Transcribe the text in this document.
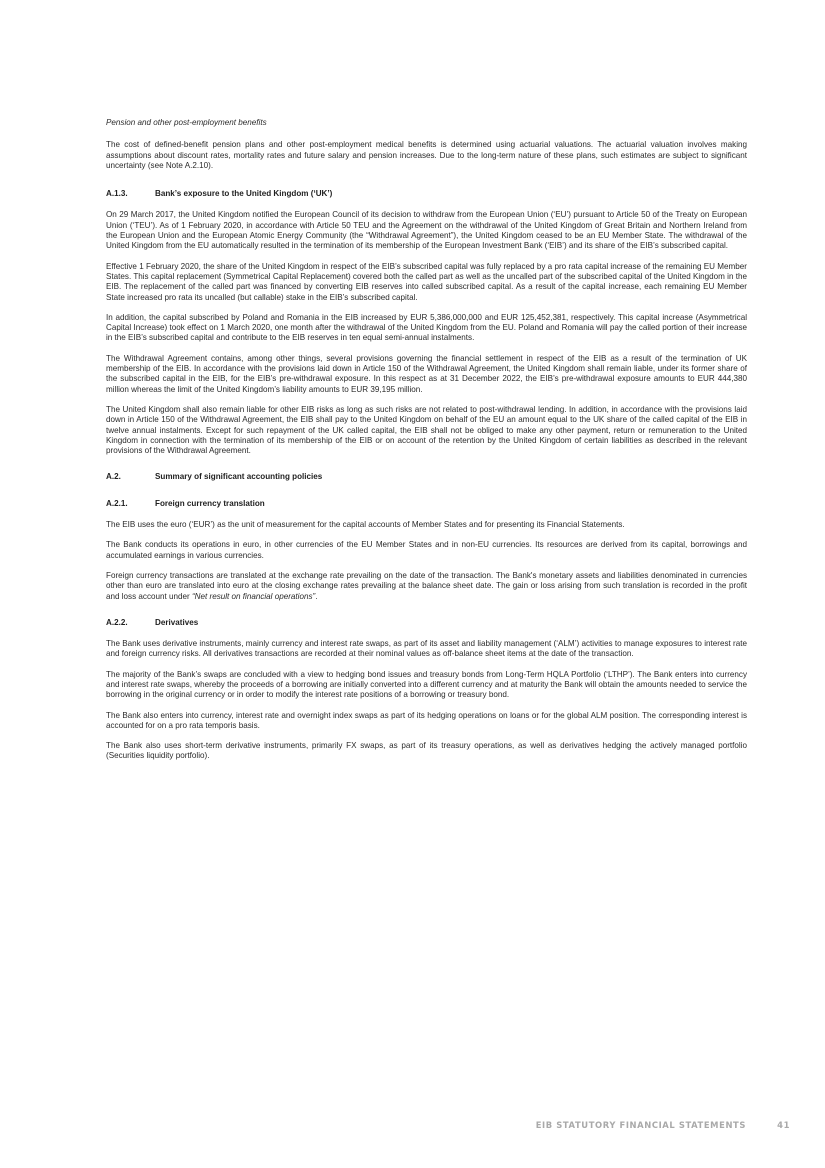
Pension and other post-employment benefits

The cost of defined-benefit pension plans and other post-employment medical benefits is determined using actuarial valuations. The actuarial valuation involves making assumptions about discount rates, mortality rates and future salary and pension increases. Due to the long-term nature of these plans, such estimates are subject to significant uncertainty (see Note A.2.10).

A.1.3.	Bank’s exposure to the United Kingdom (‘UK’)

On 29 March 2017, the United Kingdom notified the European Council of its decision to withdraw from the European Union (‘EU’) pursuant to Article 50 of the Treaty on European Union (‘TEU’). As of 1 February 2020, in accordance with Article 50 TEU and the Agreement on the withdrawal of the United Kingdom of Great Britain and Northern Ireland from the European Union and the European Atomic Energy Community (the “Withdrawal Agreement”), the United Kingdom ceased to be an EU Member State. The withdrawal of the United Kingdom from the EU automatically resulted in the termination of its membership of the European Investment Bank (‘EIB’) and its share of the EIB’s subscribed capital.

Effective 1 February 2020, the share of the United Kingdom in respect of the EIB’s subscribed capital was fully replaced by a pro rata capital increase of the remaining EU Member States. This capital replacement (Symmetrical Capital Replacement) covered both the called part as well as the uncalled part of the subscribed capital of the United Kingdom in the EIB. The replacement of the called part was financed by converting EIB reserves into called subscribed capital. As a result of the capital increase, each remaining EU Member State increased pro rata its uncalled (but callable) stake in the EIB’s subscribed capital.

In addition, the capital subscribed by Poland and Romania in the EIB increased by EUR 5,386,000,000 and EUR 125,452,381, respectively. This capital increase (Asymmetrical Capital Increase) took effect on 1 March 2020, one month after the withdrawal of the United Kingdom from the EU. Poland and Romania will pay the called portion of their increase in the EIB’s subscribed capital and contribute to the EIB reserves in ten equal semi-annual instalments.

The Withdrawal Agreement contains, among other things, several provisions governing the financial settlement in respect of the EIB as a result of the termination of UK membership of the EIB. In accordance with the provisions laid down in Article 150 of the Withdrawal Agreement, the United Kingdom shall remain liable, under its former share of the subscribed capital in the EIB, for the EIB’s pre-withdrawal exposure. In this respect as at 31 December 2022, the EIB’s pre-withdrawal exposure amounts to EUR 444,380 million whereas the limit of the United Kingdom’s liability amounts to EUR 39,195 million.

The United Kingdom shall also remain liable for other EIB risks as long as such risks are not related to post-withdrawal lending. In addition, in accordance with the provisions laid down in Article 150 of the Withdrawal Agreement, the EIB shall pay to the United Kingdom on behalf of the EU an amount equal to the UK share of the called capital of the EIB in twelve annual instalments. Except for such repayment of the UK called capital, the EIB shall not be obliged to make any other payment, return or remuneration to the United Kingdom in connection with the termination of its membership of the EIB or on account of the retention by the United Kingdom of certain liabilities as described in the relevant provisions of the Withdrawal Agreement.

A.2.	Summary of significant accounting policies
A.2.1.	Foreign currency translation

The EIB uses the euro (‘EUR’) as the unit of measurement for the capital accounts of Member States and for presenting its Financial Statements.

The Bank conducts its operations in euro, in other currencies of the EU Member States and in non-EU currencies. Its resources are derived from its capital, borrowings and accumulated earnings in various currencies.

Foreign currency transactions are translated at the exchange rate prevailing on the date of the transaction. The Bank's monetary assets and liabilities denominated in currencies other than euro are translated into euro at the closing exchange rates prevailing at the balance sheet date. The gain or loss arising from such translation is recorded in the profit and loss account under “Net result on financial operations”.

A.2.2.	Derivatives

The Bank uses derivative instruments, mainly currency and interest rate swaps, as part of its asset and liability management (‘ALM’) activities to manage exposures to interest rate and foreign currency risks. All derivatives transactions are recorded at their nominal values as off-balance sheet items at the date of the transaction.

The majority of the Bank’s swaps are concluded with a view to hedging bond issues and treasury bonds from Long-Term HQLA Portfolio (‘LTHP’). The Bank enters into currency and interest rate swaps, whereby the proceeds of a borrowing are initially converted into a different currency and at maturity the Bank will obtain the amounts needed to service the borrowing in the original currency or in order to modify the interest rate positions of a borrowing or treasury bond.

The Bank also enters into currency, interest rate and overnight index swaps as part of its hedging operations on loans or for the global ALM position. The corresponding interest is accounted for on a pro rata temporis basis.

The Bank also uses short-term derivative instruments, primarily FX swaps, as part of its treasury operations, as well as derivatives hedging the actively managed portfolio (Securities liquidity portfolio).

EIB STATUTORY FINANCIAL STATEMENTS	41
